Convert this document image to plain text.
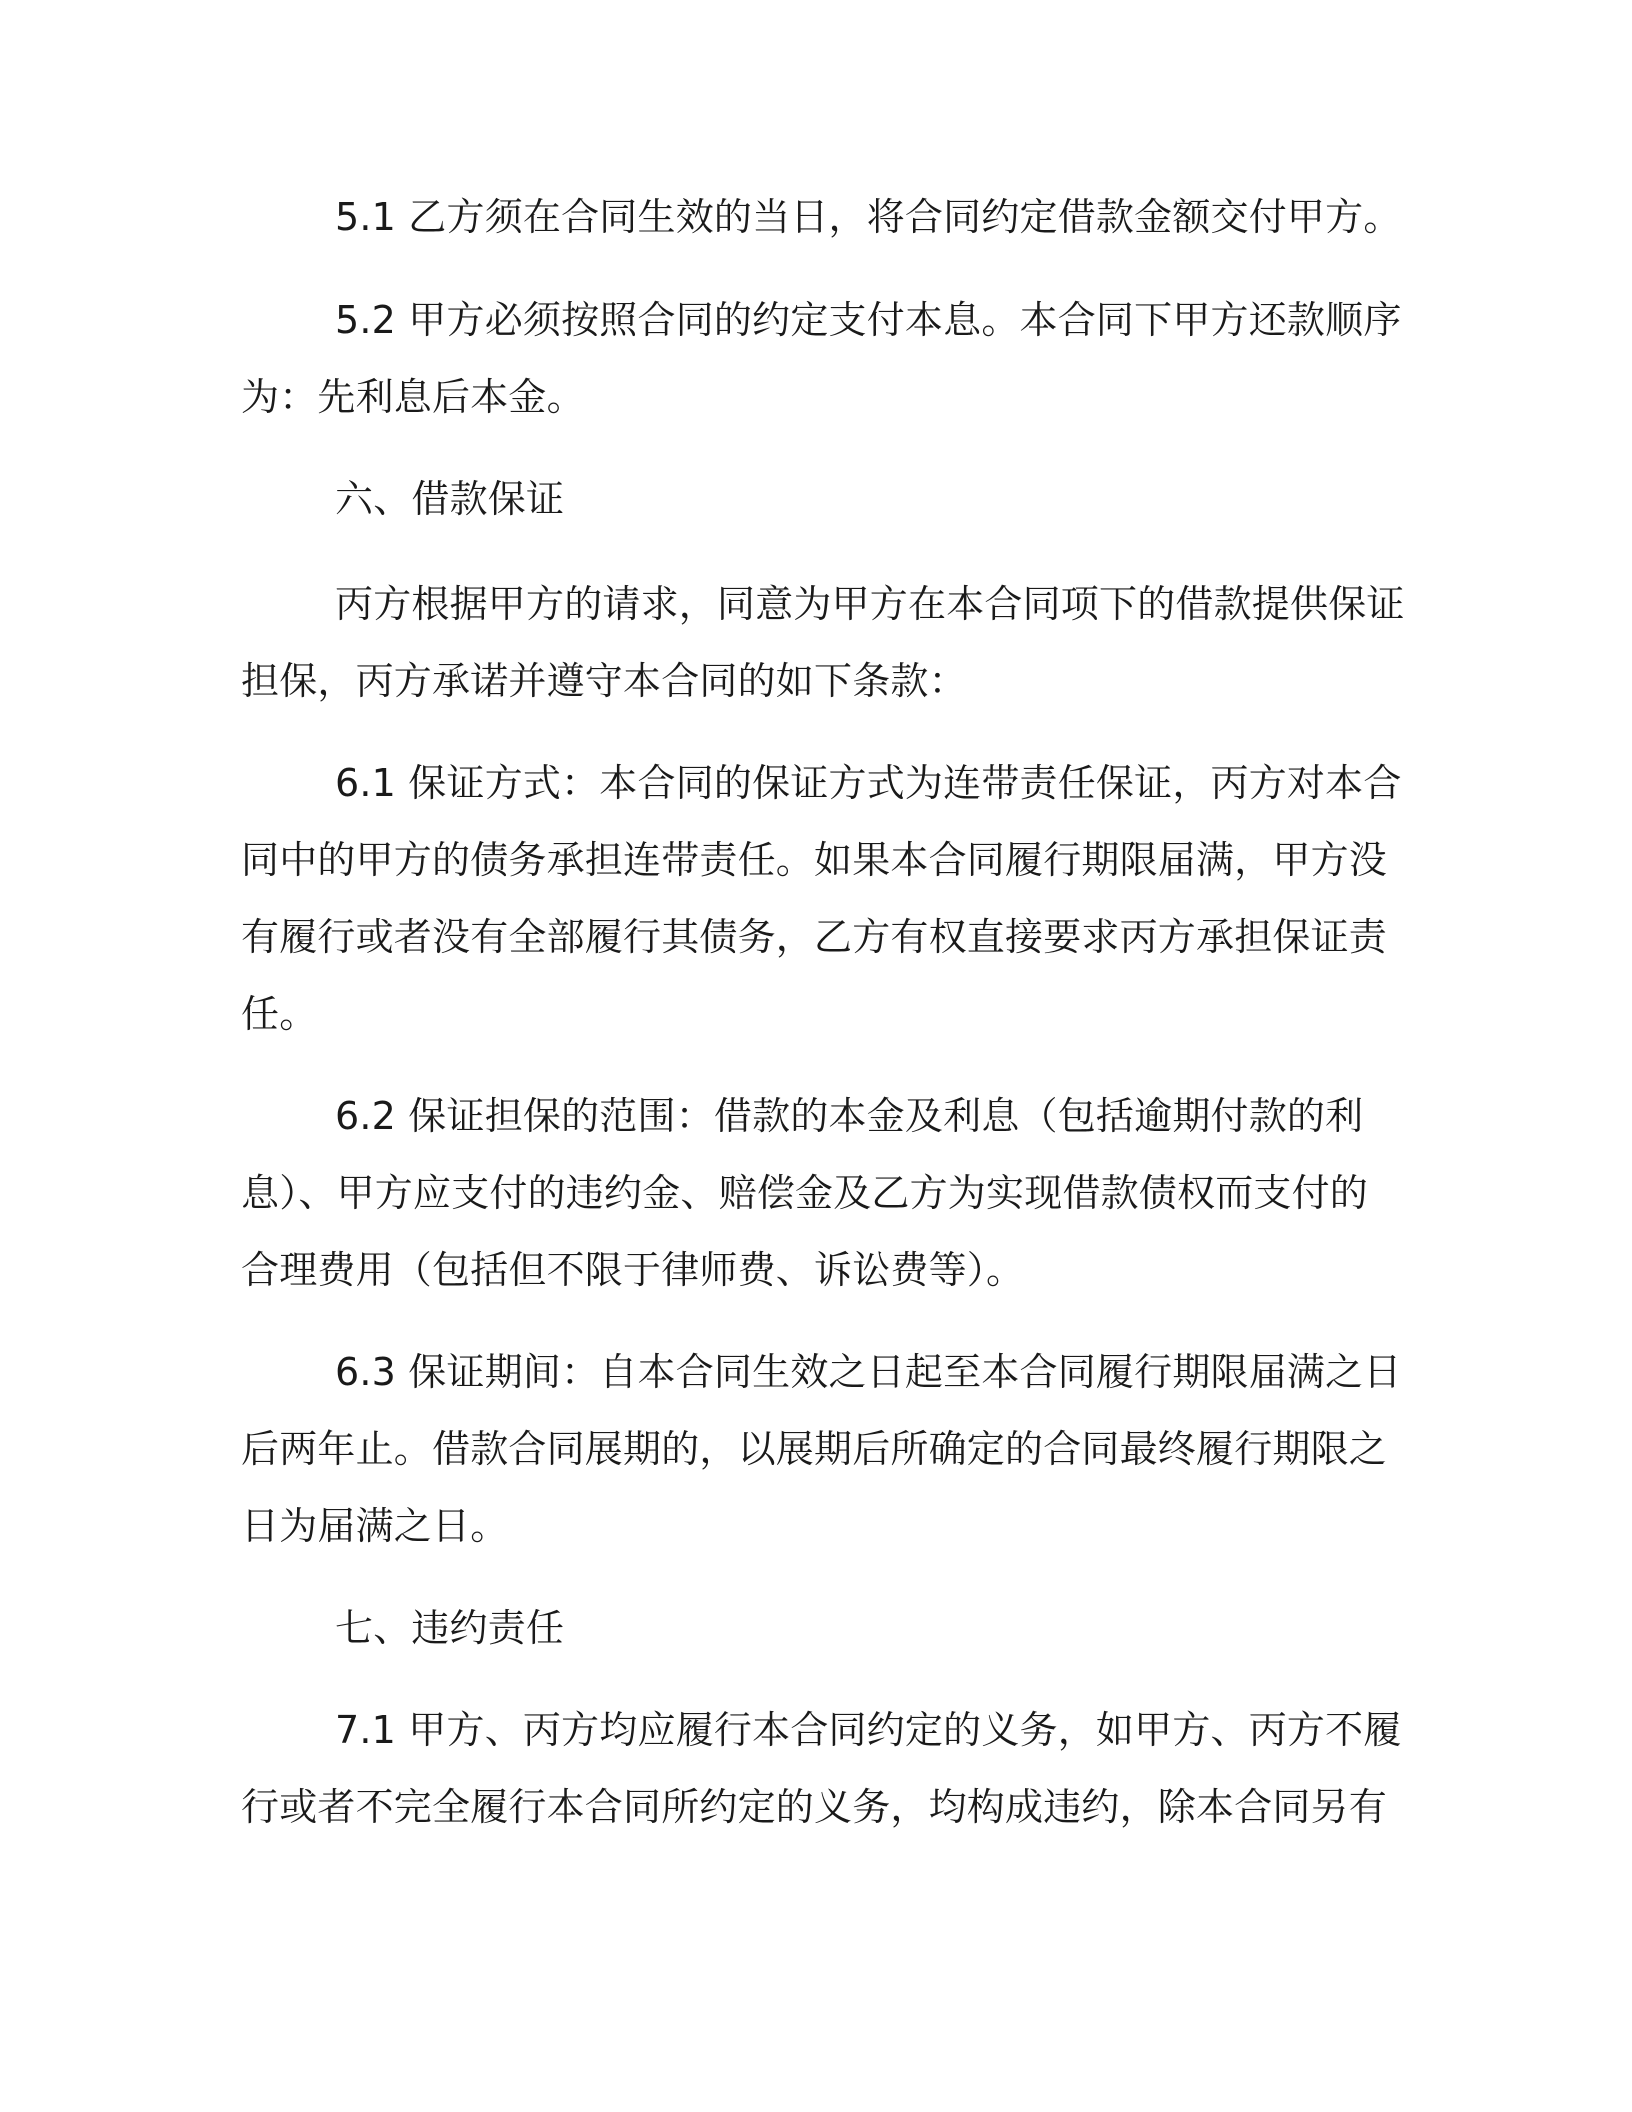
5.1 乙方须在合同生效的当日，将合同约定借款金额交付甲方。
5.2 甲方必须按照合同的约定支付本息。本合同下甲方还款顺序
为：先利息后本金。
六、借款保证
丙方根据甲方的请求，同意为甲方在本合同项下的借款提供保证
担保，丙方承诺并遵守本合同的如下条款：
6.1 保证方式：本合同的保证方式为连带责任保证，丙方对本合
同中的甲方的债务承担连带责任。如果本合同履行期限届满，甲方没
有履行或者没有全部履行其债务，乙方有权直接要求丙方承担保证责
任。
6.2 保证担保的范围：借款的本金及利息（包括逾期付款的利
息）、甲方应支付的违约金、赔偿金及乙方为实现借款债权而支付的
合理费用（包括但不限于律师费、诉讼费等）。
6.3 保证期间：自本合同生效之日起至本合同履行期限届满之日
后两年止。借款合同展期的，以展期后所确定的合同最终履行期限之
日为届满之日。
七、违约责任
7.1 甲方、丙方均应履行本合同约定的义务，如甲方、丙方不履
行或者不完全履行本合同所约定的义务，均构成违约，除本合同另有
